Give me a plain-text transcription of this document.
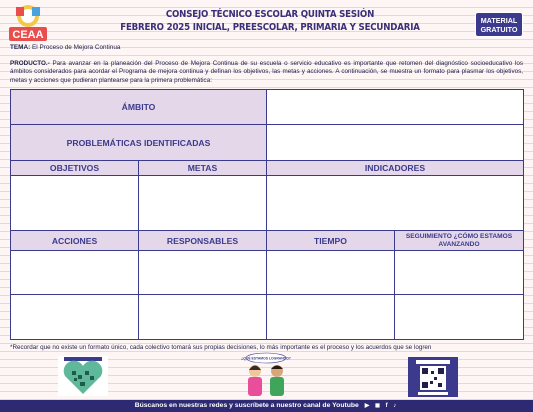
CEAA
CONSEJO TÉCNICO ESCOLAR QUINTA SESIÓN
FEBRERO 2025 INICIAL, PREESCOLAR, PRIMARIA Y SECUNDARIA
MATERIAL
GRATUITO
TEMA: El Proceso de Mejora Continua
PRODUCTO.- Para avanzar en la planeación del Proceso de Mejora Continua de su escuela o servicio educativo es importante que retomen del diagnóstico socioeducativo los ámbitos considerados para acordar el Programa de mejora continua y definan los objetivos, las metas y acciones. A continuación, se muestra un formato para plasmar los objetivos, metas y acciones que pudieran plantearse para la primera problemática:
ÁMBITO			
PROBLEMÁTICAS IDENTIFICADAS			
OBJETIVOS	METAS	INDICADORES	

ACCIONES	RESPONSABLES	TIEMPO	SEGUIMIENTO ¿CÓMO ESTAMOS AVANZANDO

*Recordar que no existe un formato único, cada colectivo tomará sus propias decisiones, lo más importante es el proceso y los acuerdos que se logren
¿QUÉ ESTAMOS LOGRANDO?
Búscanos en nuestras redes y suscríbete a nuestro canal de Youtube ▶ ◼ f ♪
